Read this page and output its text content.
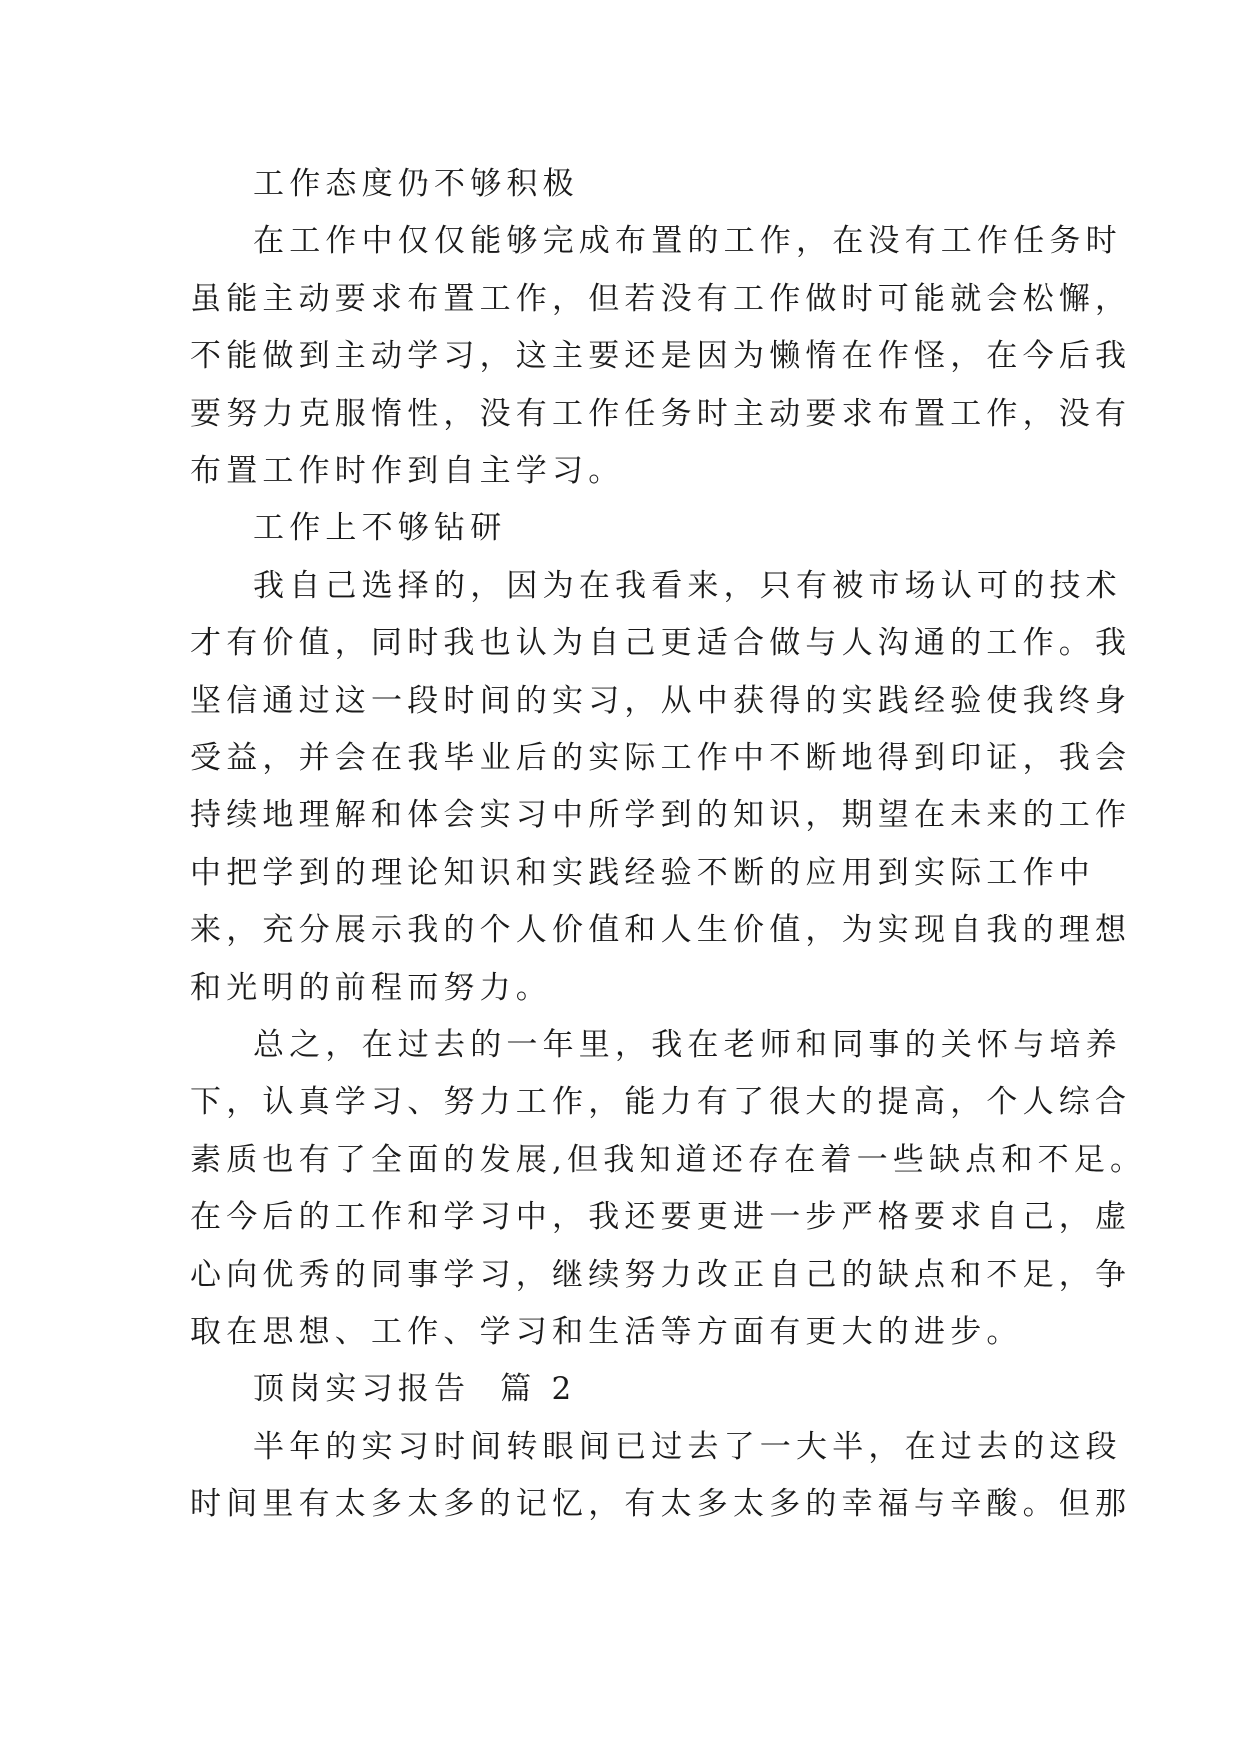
工作态度仍不够积极
在工作中仅仅能够完成布置的工作，在没有工作任务时
虽能主动要求布置工作，但若没有工作做时可能就会松懈，
不能做到主动学习，这主要还是因为懒惰在作怪，在今后我
要努力克服惰性，没有工作任务时主动要求布置工作，没有
布置工作时作到自主学习。
工作上不够钻研
我自己选择的，因为在我看来，只有被市场认可的技术
才有价值，同时我也认为自己更适合做与人沟通的工作。我
坚信通过这一段时间的实习，从中获得的实践经验使我终身
受益，并会在我毕业后的实际工作中不断地得到印证，我会
持续地理解和体会实习中所学到的知识，期望在未来的工作
中把学到的理论知识和实践经验不断的应用到实际工作中
来，充分展示我的个人价值和人生价值，为实现自我的理想
和光明的前程而努力。
总之，在过去的一年里，我在老师和同事的关怀与培养
下，认真学习、努力工作，能力有了很大的提高，个人综合
素质也有了全面的发展,但我知道还存在着一些缺点和不足。
在今后的工作和学习中，我还要更进一步严格要求自己，虚
心向优秀的同事学习，继续努力改正自己的缺点和不足，争
取在思想、工作、学习和生活等方面有更大的进步。
顶岗实习报告  篇 2
半年的实习时间转眼间已过去了一大半，在过去的这段
时间里有太多太多的记忆，有太多太多的幸福与辛酸。但那
